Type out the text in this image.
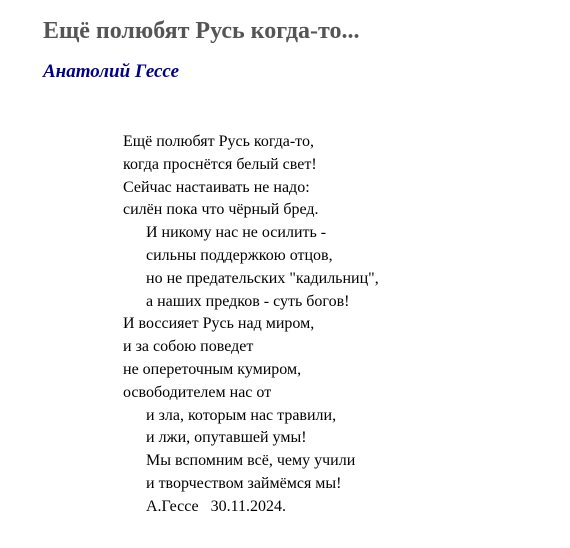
Ещё полюбят Русь когда-то...
Анатолий Гессе
Ещё полюбят Русь когда-то,
когда проснётся белый свет!
Сейчас настаивать не надо:
силён пока что чёрный бред.
И никому нас не осилить -
сильны поддержкою отцов,
но не предательских "кадильниц",
а наших предков - суть богов!
И воссияет Русь над миром,
и за собою поведет
не опереточным кумиром,
освободителем нас от
и зла, которым нас травили,
и лжи, опутавшей умы!
Мы вспомним всё, чему учили
и творчеством займёмся мы!
А.Гессе   30.11.2024.
